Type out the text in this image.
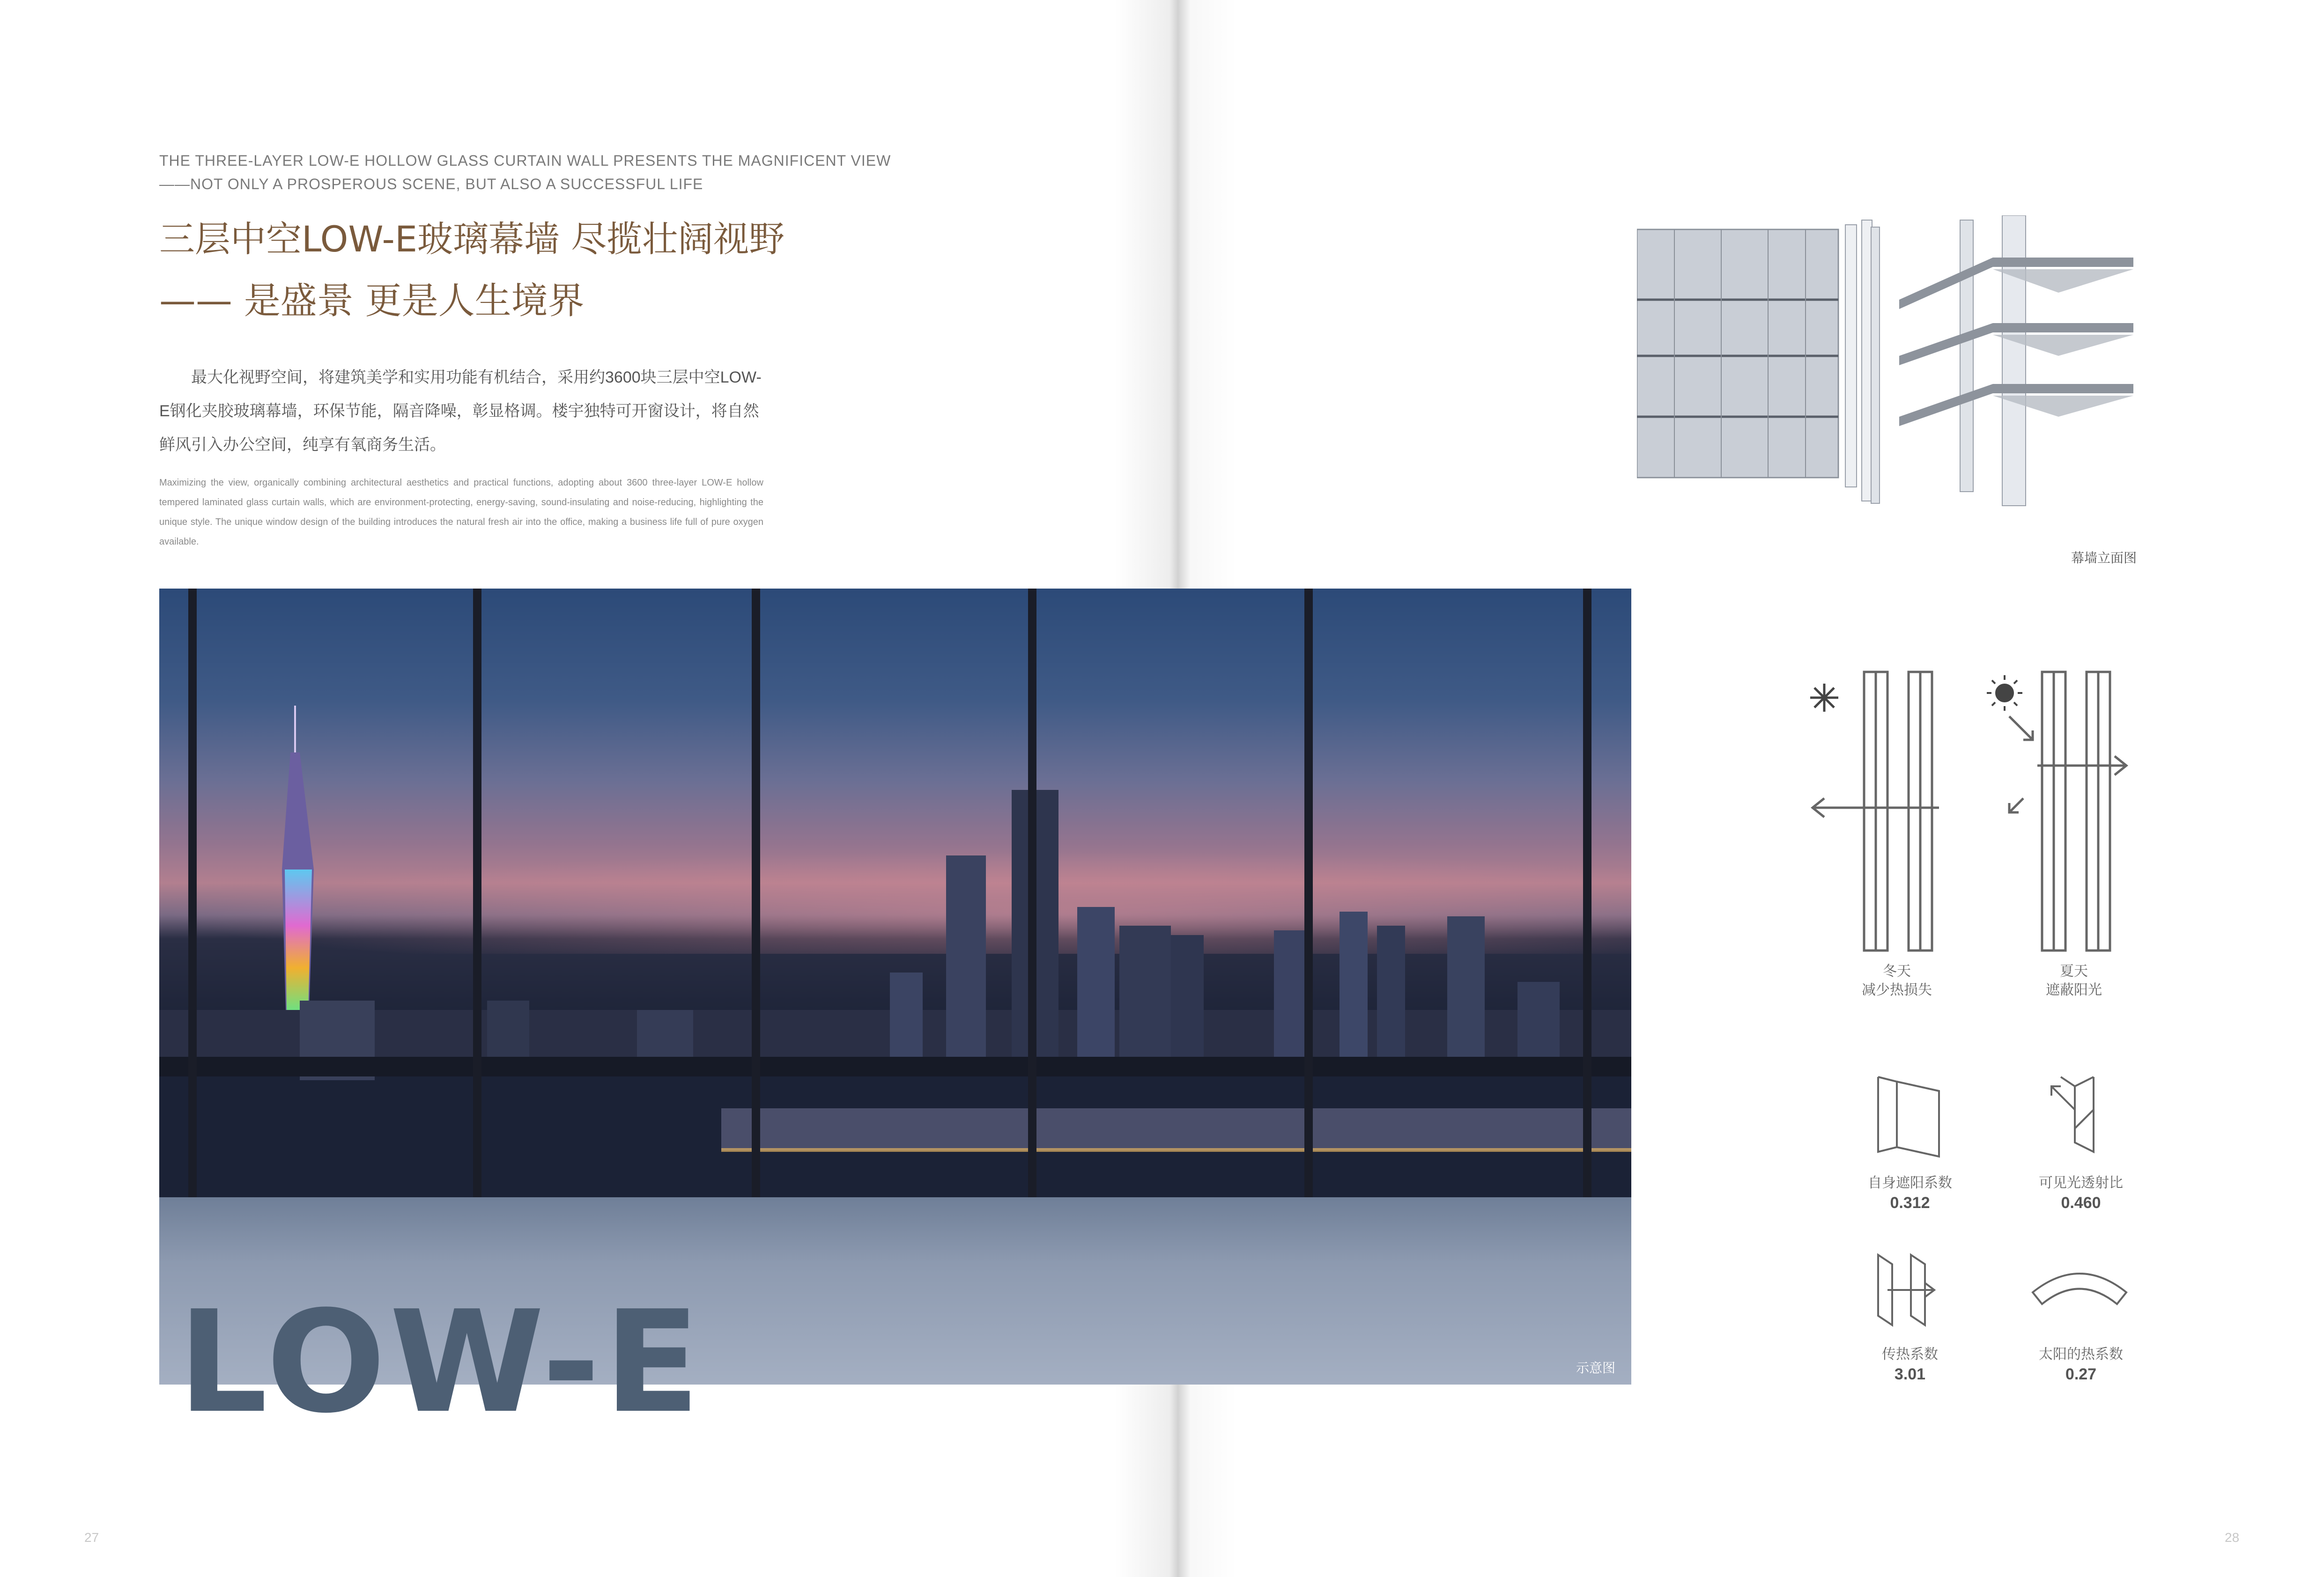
THE THREE-LAYER LOW-E HOLLOW GLASS CURTAIN WALL PRESENTS THE MAGNIFICENT VIEW
——NOT ONLY A PROSPEROUS SCENE, BUT ALSO A SUCCESSFUL LIFE
三层中空LOW-E玻璃幕墙 尽揽壮阔视野
—— 是盛景 更是人生境界

最大化视野空间，将建筑美学和实用功能有机结合，采用约3600块三层中空LOW-E钢化夹胶玻璃幕墙，环保节能，隔音降噪，彰显格调。楼宇独特可开窗设计，将自然鲜风引入办公空间，纯享有氧商务生活。

Maximizing the view, organically combining architectural aesthetics and practical functions, adopting about 3600 three-layer LOW-E hollow tempered laminated glass curtain walls, which are environment-protecting, energy-saving, sound-insulating and noise-reducing, highlighting the unique style. The unique window design of the building introduces the natural fresh air into the office, making a business life full of pure oxygen available.

示意图
LOW-E
27	28
幕墙立面图
冬天
减少热损失
夏天
遮蔽阳光
自身遮阳系数
0.312
可见光透射比
0.460
传热系数
3.01
太阳的热系数
0.27
